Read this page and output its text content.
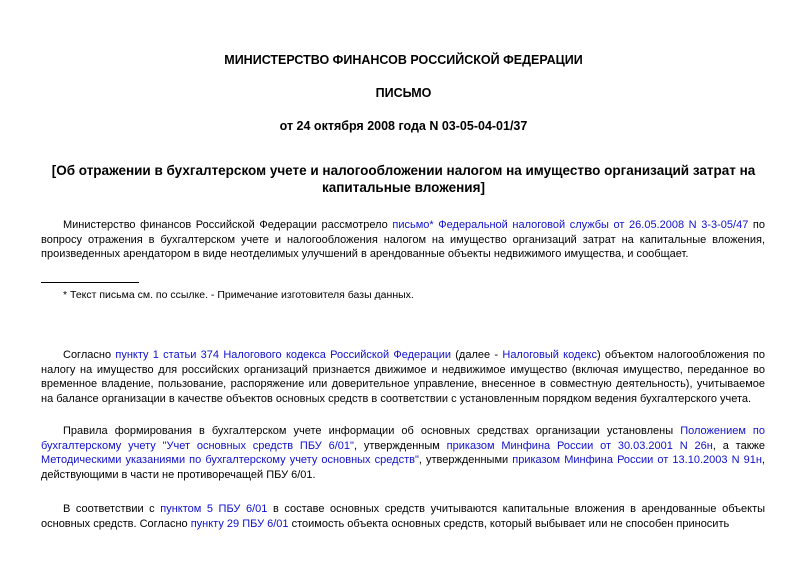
МИНИСТЕРСТВО ФИНАНСОВ РОССИЙСКОЙ ФЕДЕРАЦИИ
ПИСЬМО
от 24 октября 2008 года N 03-05-04-01/37
[Об отражении в бухгалтерском учете и налогообложении налогом на имущество организаций затрат на капитальные вложения]

Министерство финансов Российской Федерации рассмотрело письмо* Федеральной налоговой службы от 26.05.2008 N 3-3-05/47 по вопросу отражения в бухгалтерском учете и налогообложения налогом на имущество организаций затрат на капитальные вложения, произведенных арендатором в виде неотделимых улучшений в арендованные объекты недвижимого имущества, и сообщает.

* Текст письма см. по ссылке. - Примечание изготовителя базы данных.

Согласно пункту 1 статьи 374 Налогового кодекса Российской Федерации (далее - Налоговый кодекс) объектом налогообложения по налогу на имущество для российских организаций признается движимое и недвижимое имущество (включая имущество, переданное во временное владение, пользование, распоряжение или доверительное управление, внесенное в совместную деятельность), учитываемое на балансе организации в качестве объектов основных средств в соответствии с установленным порядком ведения бухгалтерского учета.

Правила формирования в бухгалтерском учете информации об основных средствах организации установлены Положением по бухгалтерскому учету "Учет основных средств ПБУ 6/01", утвержденным приказом Минфина России от 30.03.2001 N 26н, а также Методическими указаниями по бухгалтерскому учету основных средств", утвержденными приказом Минфина России от 13.10.2003 N 91н, действующими в части не противоречащей ПБУ 6/01.

В соответствии с пунктом 5 ПБУ 6/01 в составе основных средств учитываются капитальные вложения в арендованные объекты основных средств. Согласно пункту 29 ПБУ 6/01 стоимость объекта основных средств, который выбывает или не способен приносить
